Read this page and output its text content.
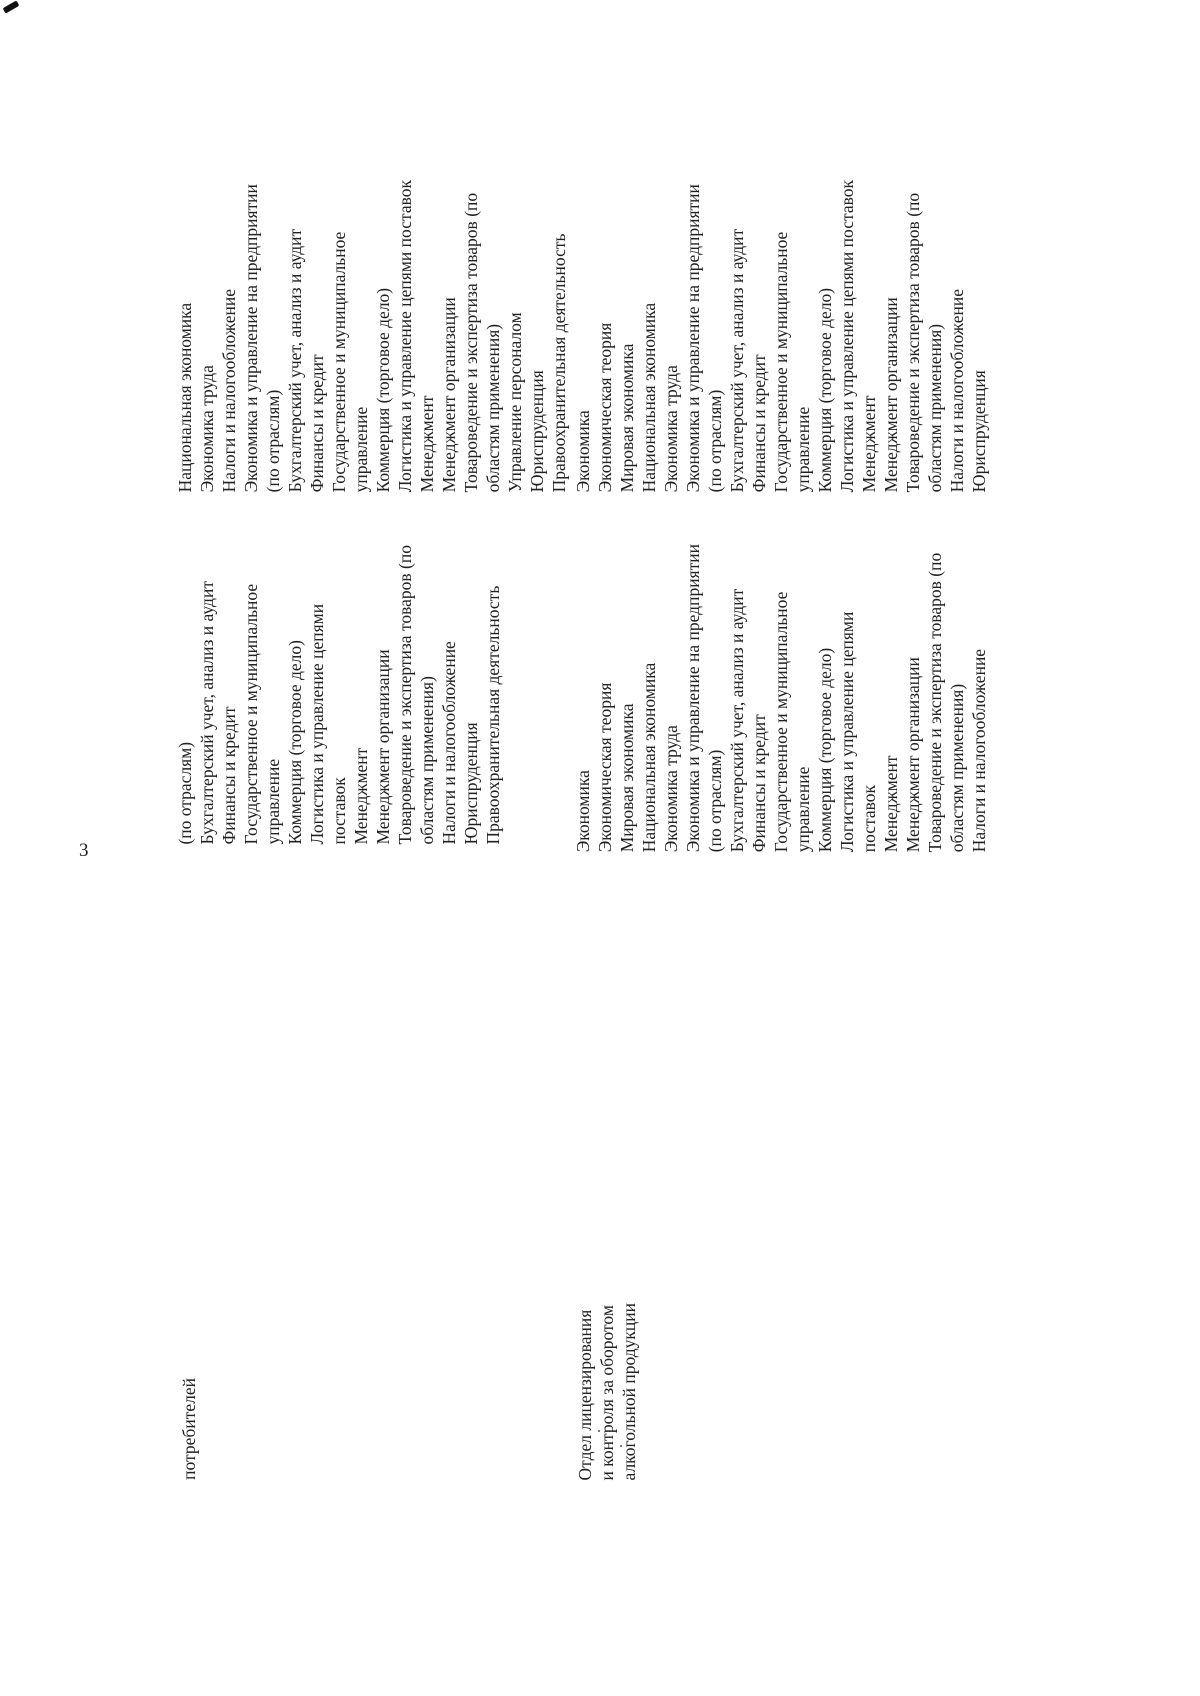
3
потребителей
(по отраслям) Бухгалтерский учет, анализ и аудит Финансы и кредит Государственное и муниципальное управление Коммерция (торговое дело) Логистика и управление цепями поставок Менеджмент Менеджмент организации Товароведение и экспертиза товаров (по областям применения) Налоги и налогообложение Юриспруденция Правоохранительная деятельность
Национальная экономика Экономика труда Налоги и налогообложение Экономика и управление на предприятии (по отраслям) Бухгалтерский учет, анализ и аудит Финансы и кредит Государственное и муниципальное управление Коммерция (торговое дело) Логистика и управление цепями поставок Менеджмент Менеджмент организации Товароведение и экспертиза товаров (по областям применения) Управление персоналом Юриспруденция Правоохранительная деятельность
Отдел лицензирования и контроля за оборотом алкогольной продукции
Экономика Экономическая теория Мировая экономика Национальная экономика Экономика труда Экономика и управление на предприятии (по отраслям) Бухгалтерский учет, анализ и аудит Финансы и кредит Государственное и муниципальное управление Коммерция (торговое дело) Логистика и управление цепями поставок Менеджмент Менеджмент организации Товароведение и экспертиза товаров (по областям применения) Налоги и налогообложение
Экономика Экономическая теория Мировая экономика Национальная экономика Экономика труда Экономика и управление на предприятии (по отраслям) Бухгалтерский учет, анализ и аудит Финансы и кредит Государственное и муниципальное управление Коммерция (торговое дело) Логистика и управление цепями поставок Менеджмент Менеджмент организации Товароведение и экспертиза товаров (по областям применения) Налоги и налогообложение Юриспруденция
